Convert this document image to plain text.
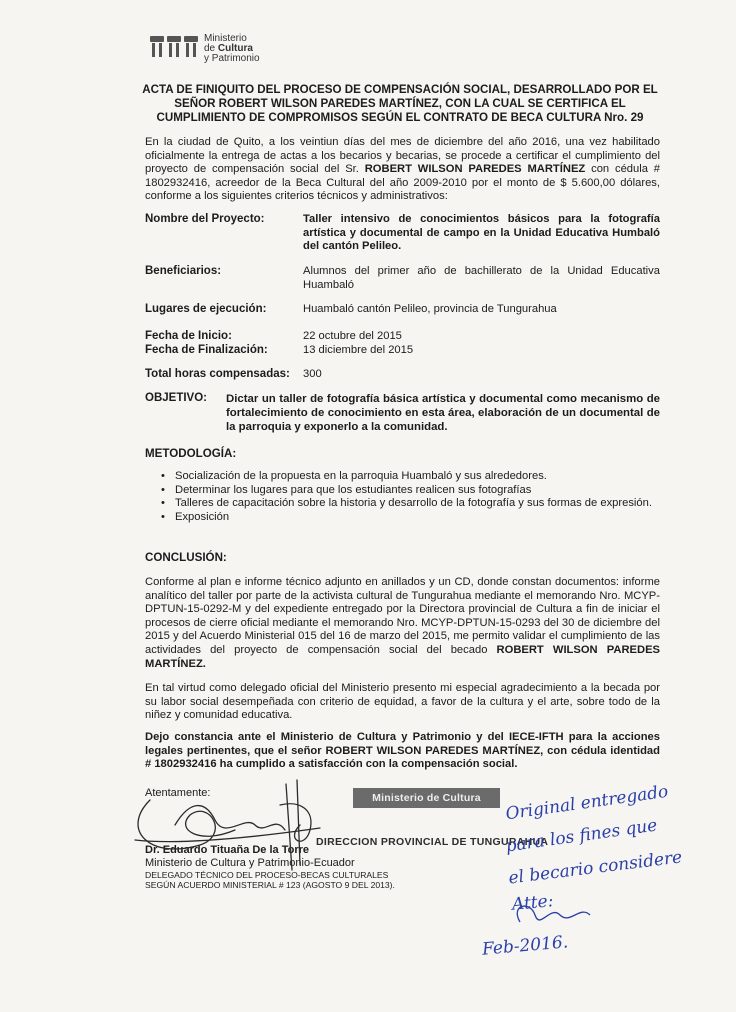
Ministerio
de Cultura
y Patrimonio
ACTA DE FINIQUITO DEL PROCESO DE COMPENSACIÓN SOCIAL, DESARROLLADO POR EL SEÑOR ROBERT WILSON PAREDES MARTÍNEZ, CON LA CUAL SE CERTIFICA EL CUMPLIMIENTO DE COMPROMISOS SEGÚN EL CONTRATO DE BECA CULTURA Nro. 29
En la ciudad de Quito, a los veintiun días del mes de diciembre del año 2016, una vez habilitado oficialmente la entrega de actas a los becarios y becarias, se procede a certificar el cumplimiento del proyecto de compensación social del Sr. ROBERT WILSON PAREDES MARTÍNEZ con cédula # 1802932416, acreedor de la Beca Cultural del año 2009-2010 por el monto de $ 5.600,00 dólares, conforme a los siguientes criterios técnicos y administrativos:
Nombre del Proyecto:	Taller intensivo de conocimientos básicos para la fotografía artística y documental de campo en la Unidad Educativa Humbaló del cantón Pelileo.
Beneficiarios:	Alumnos del primer año de bachillerato de la Unidad Educativa Huambaló
Lugares de ejecución:	Huambaló cantón Pelileo, provincia de Tungurahua
Fecha de Inicio:	22 octubre del 2015
Fecha de Finalización:	13 diciembre del 2015
Total horas compensadas: 300
OBJETIVO: Dictar un taller de fotografía básica artística y documental como mecanismo de fortalecimiento de conocimiento en esta área, elaboración de un documental de la parroquia y exponerlo a la comunidad.
METODOLOGÍA:
• Socialización de la propuesta en la parroquia Huambaló y sus alrededores.
• Determinar los lugares para que los estudiantes realicen sus fotografías
• Talleres de capacitación sobre la historia y desarrollo de la fotografía y sus formas de expresión.
• Exposición
CONCLUSIÓN:
Conforme al plan e informe técnico adjunto en anillados y un CD, donde constan documentos: informe analítico del taller por parte de la activista cultural de Tungurahua mediante el memorando Nro. MCYP-DPTUN-15-0292-M y del expediente entregado por la Directora provincial de Cultura a fin de iniciar el procesos de cierre oficial mediante el memorando Nro. MCYP-DPTUN-15-0293 del 30 de diciembre del 2015 y del Acuerdo Ministerial 015 del 16 de marzo del 2015, me permito validar el cumplimiento de las actividades del proyecto de compensación social del becado ROBERT WILSON PAREDES MARTÍNEZ.
En tal virtud como delegado oficial del Ministerio presento mi especial agradecimiento a la becada por su labor social desempeñada con criterio de equidad, a favor de la cultura y el arte, sobre todo de la niñez y comunidad educativa.
Dejo constancia ante el Ministerio de Cultura y Patrimonio y del IECE-IFTH para la acciones legales pertinentes, que el señor ROBERT WILSON PAREDES MARTÍNEZ, con cédula identidad # 1802932416 ha cumplido a satisfacción con la compensación social.
Atentamente:	Ministerio de Cultura
DIRECCION PROVINCIAL DE TUNGURAHUA
Dr. Eduardo Tituaña De la Torre
Ministerio de Cultura y Patrimonio-Ecuador
DELEGADO TÉCNICO DEL PROCESO-BECAS CULTURALES
SEGÚN ACUERDO MINISTERIAL # 123 (AGOSTO 9 DEL 2013).
Original entregado
para los fines que
el becario considere
Atte:
Feb-2016.
